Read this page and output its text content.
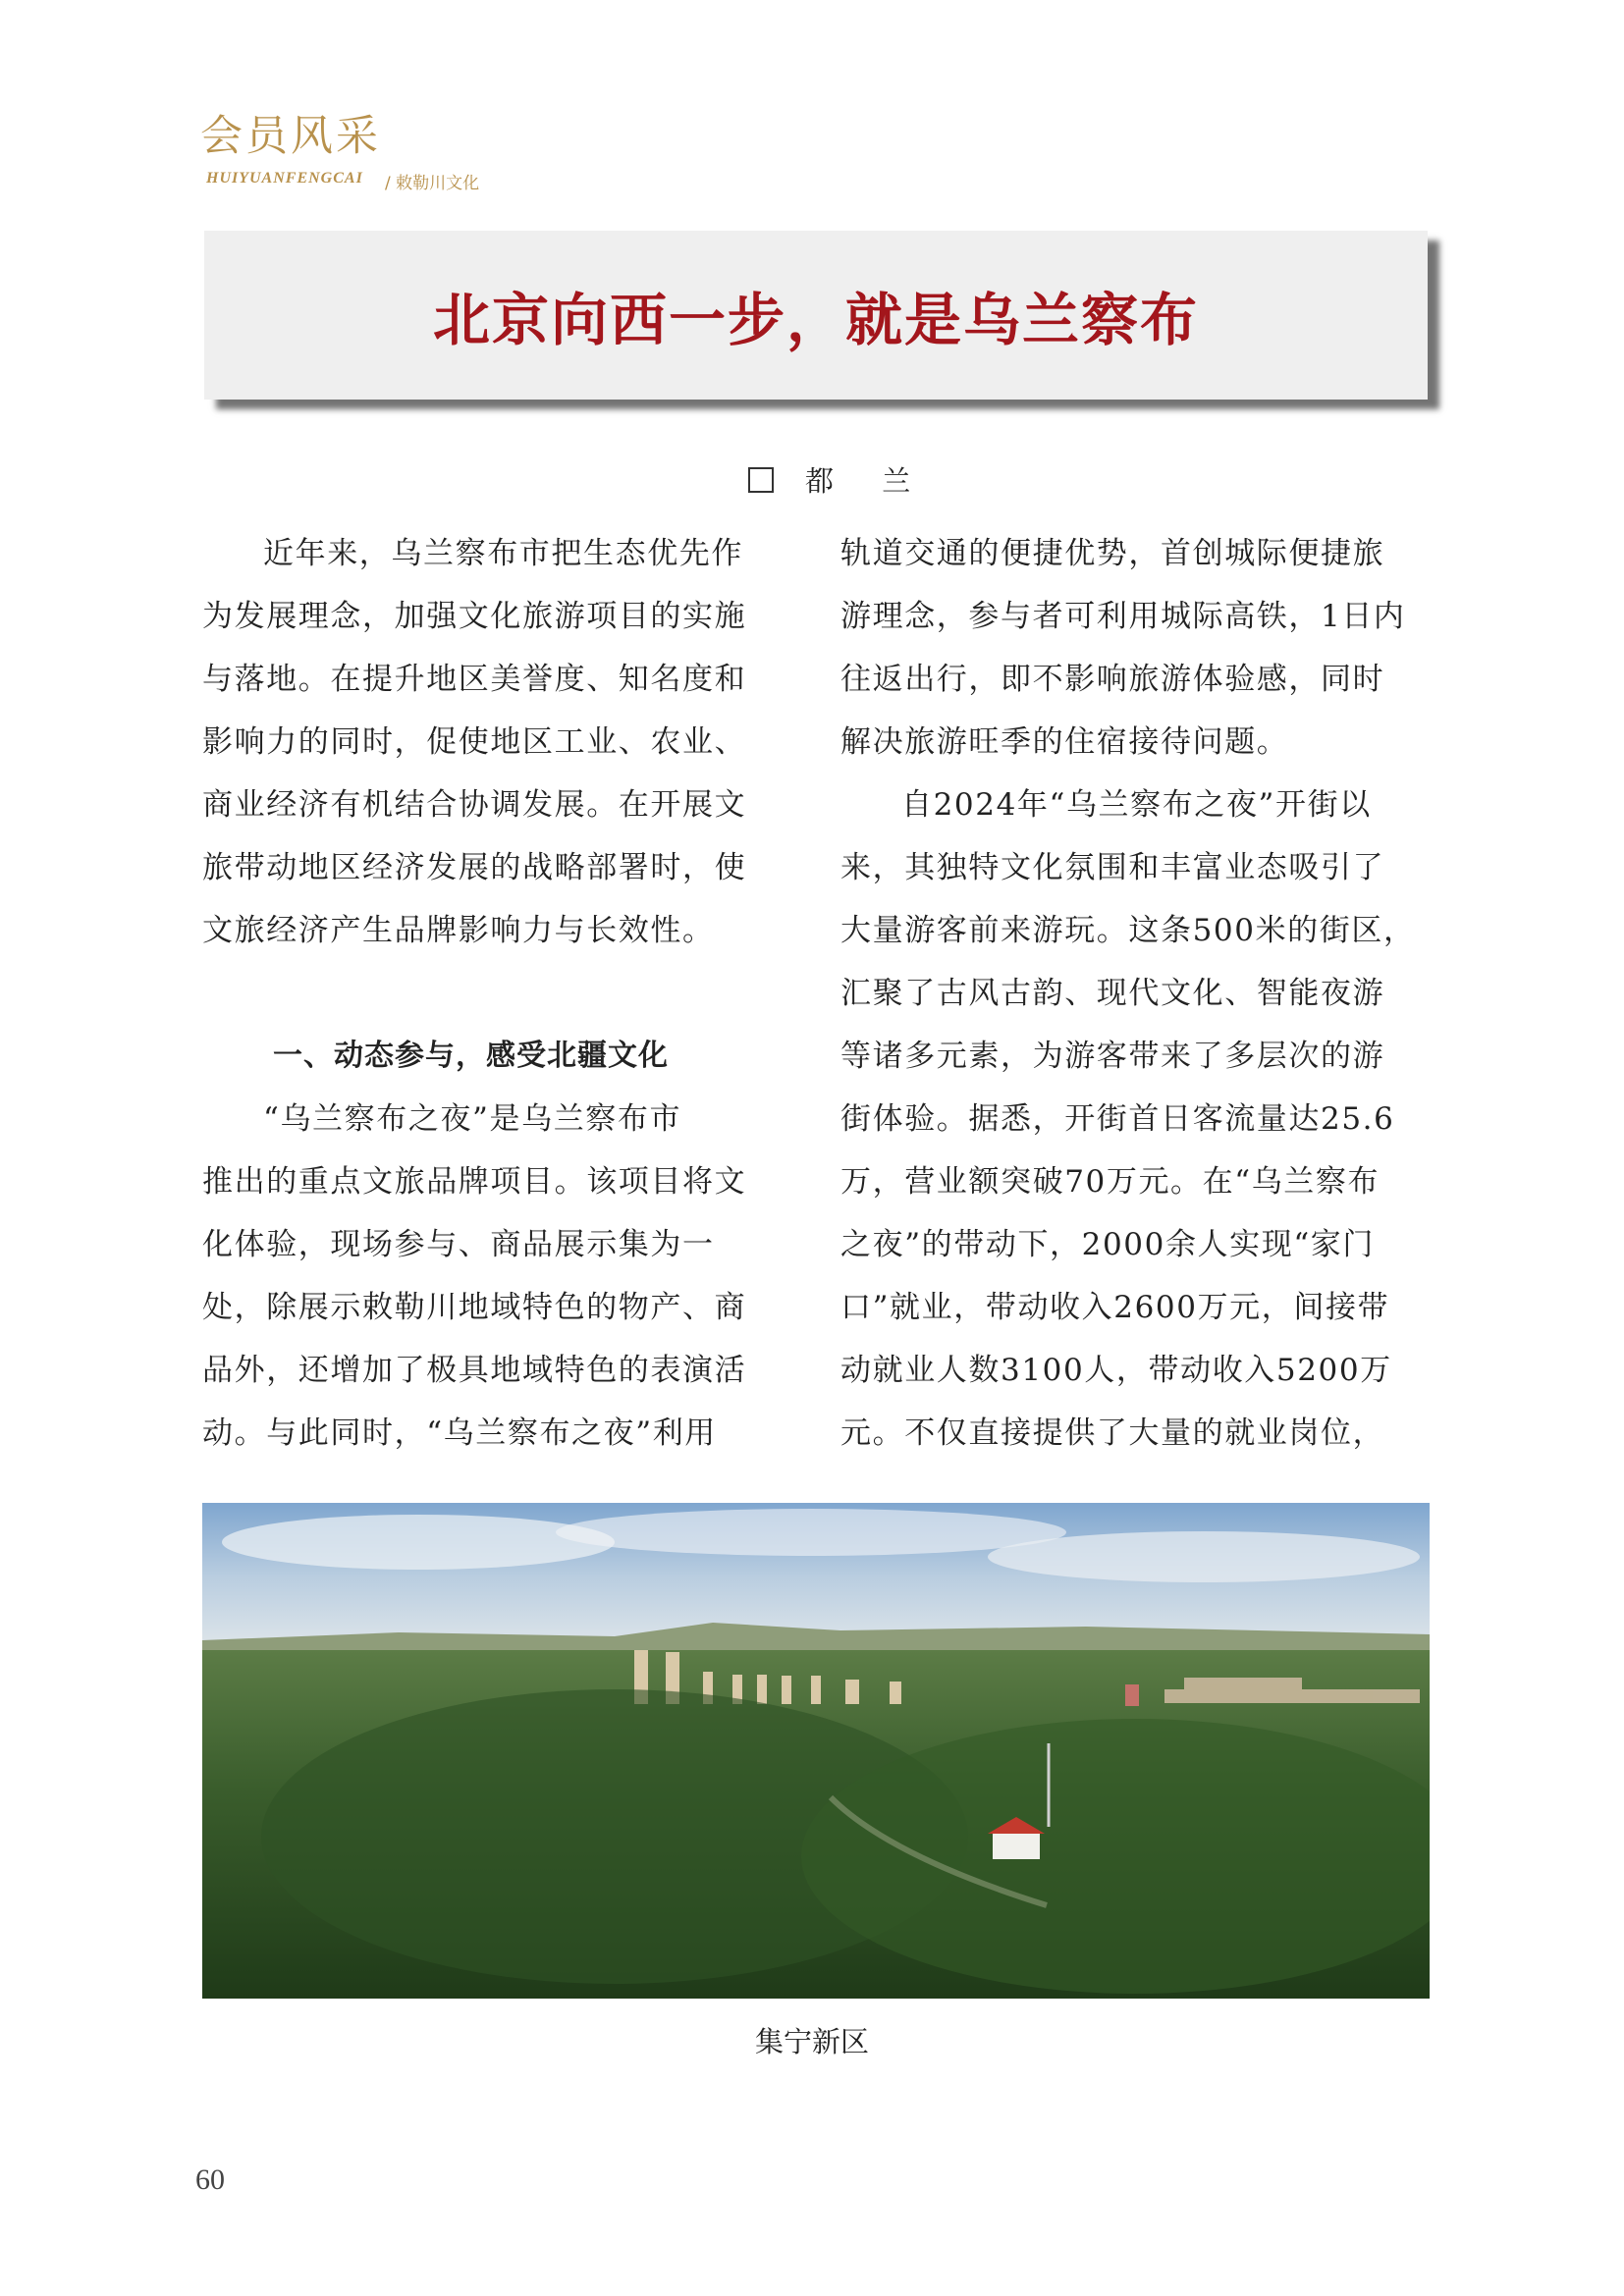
会员风采
HUIYUANFENGCAI / 敕勒川文化
北京向西一步，就是乌兰察布
都 兰

近年来，乌兰察布市把生态优先作

为发展理念，加强文化旅游项目的实施

与落地。在提升地区美誉度、知名度和

影响力的同时，促使地区工业、农业、

商业经济有机结合协调发展。在开展文

旅带动地区经济发展的战略部署时，使

文旅经济产生品牌影响力与长效性。

一、动态参与，感受北疆文化

“乌兰察布之夜”是乌兰察布市

推出的重点文旅品牌项目。该项目将文

化体验，现场参与、商品展示集为一

处，除展示敕勒川地域特色的物产、商

品外，还增加了极具地域特色的表演活

动。与此同时，“乌兰察布之夜”利用

轨道交通的便捷优势，首创城际便捷旅

游理念，参与者可利用城际高铁，1日内

往返出行，即不影响旅游体验感，同时

解决旅游旺季的住宿接待问题。

自2024年“乌兰察布之夜”开街以

来，其独特文化氛围和丰富业态吸引了

大量游客前来游玩。这条500米的街区，

汇聚了古风古韵、现代文化、智能夜游

等诸多元素，为游客带来了多层次的游

街体验。据悉，开街首日客流量达25.6

万，营业额突破70万元。在“乌兰察布

之夜”的带动下，2000余人实现“家门

口”就业，带动收入2600万元，间接带

动就业人数3100人，带动收入5200万

元。不仅直接提供了大量的就业岗位，

集宁新区
60
